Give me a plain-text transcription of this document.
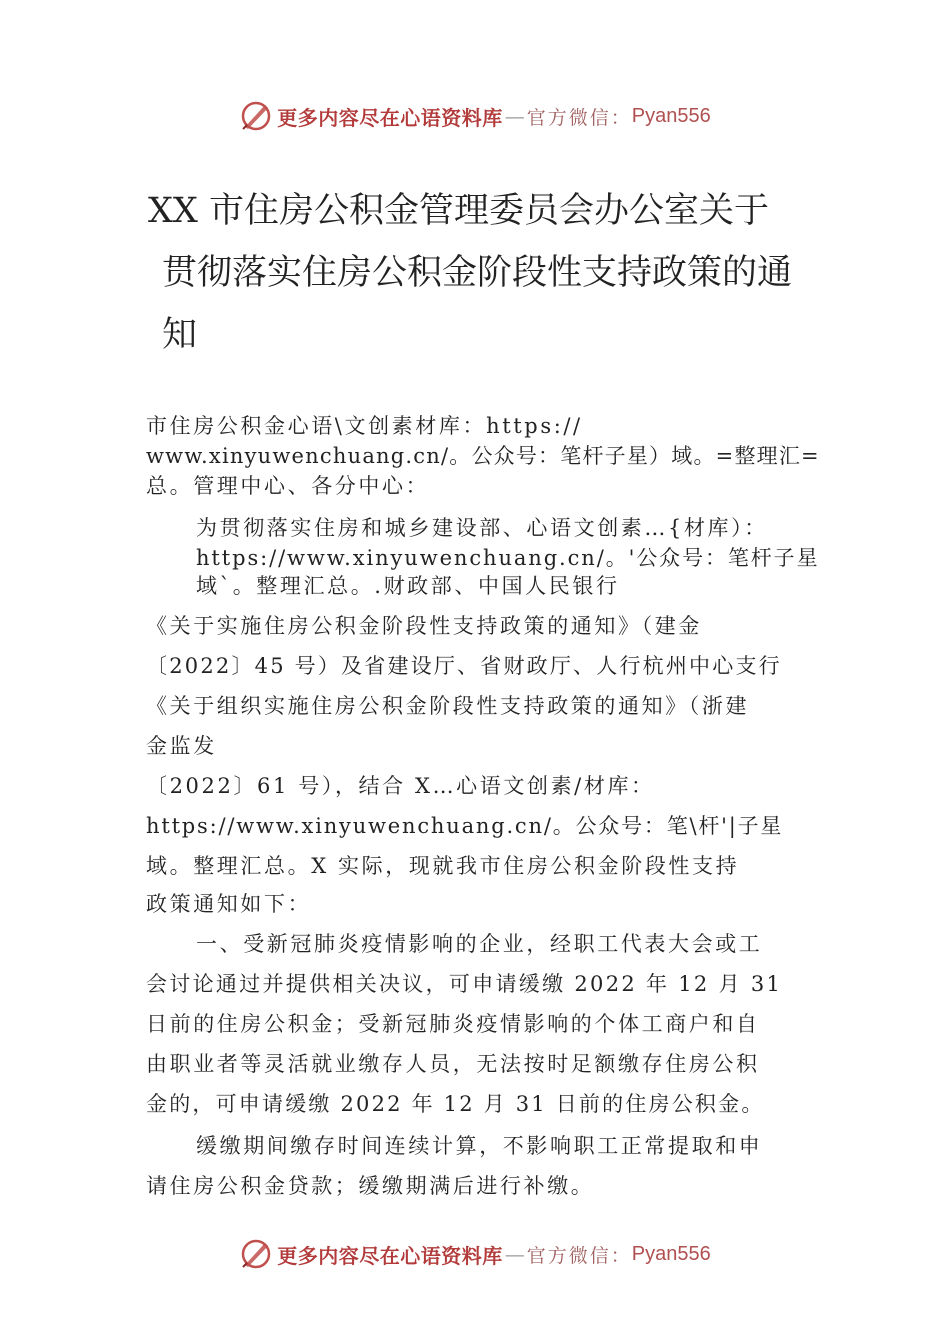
更多内容尽在心语资料库 — 官方微信： Pyan556
XX 市住房公积金管理委员会办公室关于
贯彻落实住房公积金阶段性支持政策的通
知
市住房公积金心语\文创素材库：https://
www.xinyuwenchuang.cn/。公众号：笔杆子星）域。=整理汇=
总。管理中心、各分中心：
为贯彻落实住房和城乡建设部、心语文创素…{材库）：
https://www.xinyuwenchuang.cn/。'公众号：笔杆子星
域`。整理汇总。.财政部、中国人民银行
《关于实施住房公积金阶段性支持政策的通知》（建金
〔2022〕45 号）及省建设厅、省财政厅、人行杭州中心支行
《关于组织实施住房公积金阶段性支持政策的通知》（浙建
金监发
〔2022〕61 号），结合 X…心语文创素/材库：
https://www.xinyuwenchuang.cn/。公众号：笔\杆'|子星
域。整理汇总。X 实际，现就我市住房公积金阶段性支持
政策通知如下：
一、受新冠肺炎疫情影响的企业，经职工代表大会或工
会讨论通过并提供相关决议，可申请缓缴 2022 年 12 月 31
日前的住房公积金；受新冠肺炎疫情影响的个体工商户和自
由职业者等灵活就业缴存人员，无法按时足额缴存住房公积
金的，可申请缓缴 2022 年 12 月 31 日前的住房公积金。
缓缴期间缴存时间连续计算，不影响职工正常提取和申
请住房公积金贷款；缓缴期满后进行补缴。
更多内容尽在心语资料库 — 官方微信： Pyan556
